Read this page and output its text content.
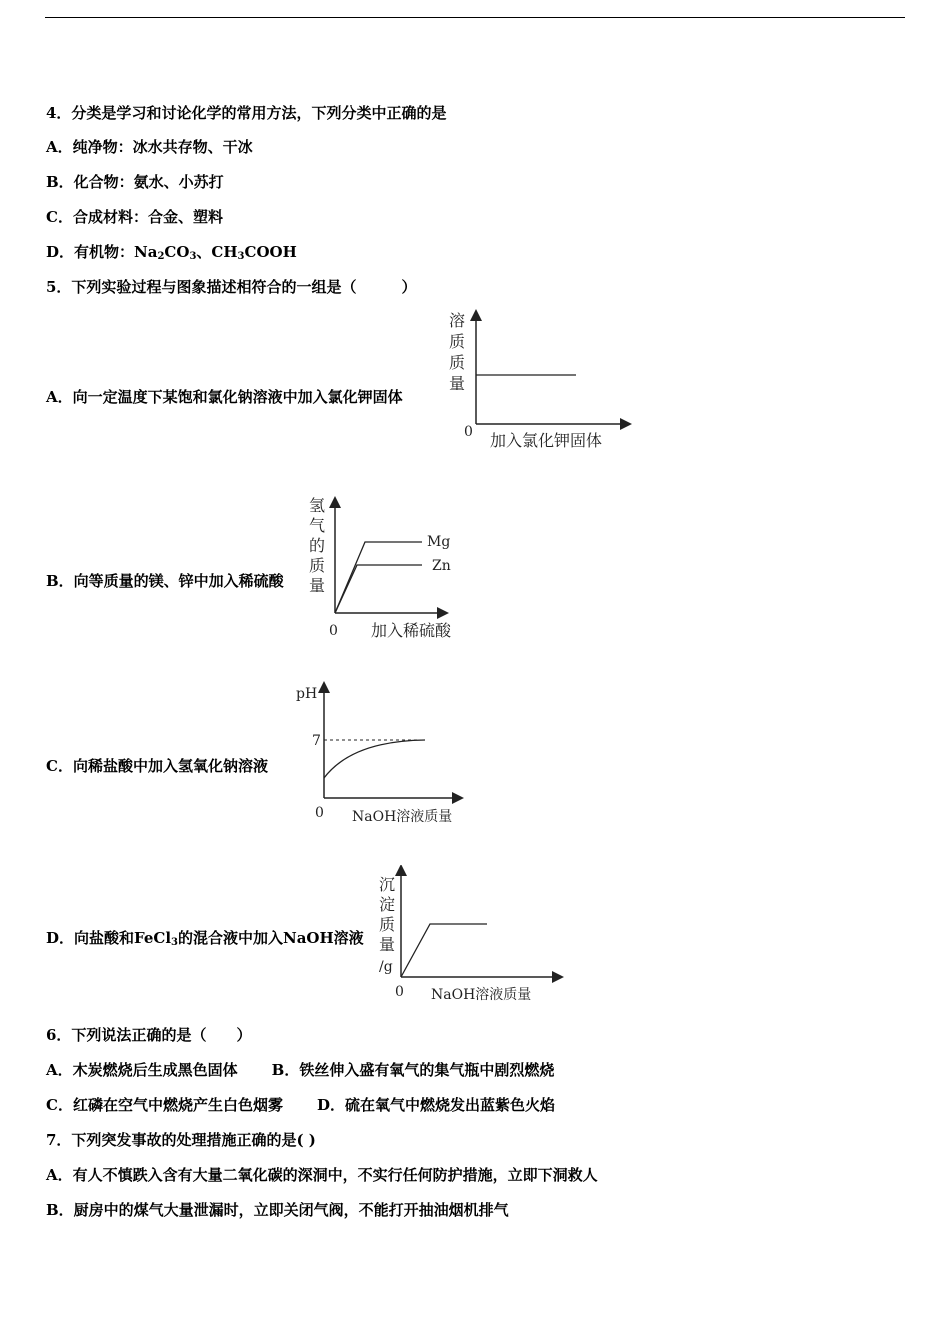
4．分类是学习和讨论化学的常用方法，下列分类中正确的是
A．纯净物：冰水共存物、干冰
B．化合物：氨水、小苏打
C．合成材料：合金、塑料
D．有机物：$Na_2CO_3$、$CH_3COOH$
5．下列实验过程与图象描述相符合的一组是（　　　）
A．向一定温度下某饱和氯化钠溶液中加入氯化钾固体
溶
质
质
量
0 加入氯化钾固体
B．向等质量的镁、锌中加入稀硫酸
Mg
Zn
氢
气
的
质
量
0 加入稀硫酸
C．向稀盐酸中加入氢氧化钠溶液
pH
7
0 NaOH溶液质量
D．向盐酸和FeCl$_3$的混合液中加入NaOH溶液
沉
淀
质
量
/g
0 NaOH溶液质量
6．下列说法正确的是（　　）
A．木炭燃烧后生成黑色固体 B．铁丝伸入盛有氧气的集气瓶中剧烈燃烧
C．红磷在空气中燃烧产生白色烟雾 D．硫在氧气中燃烧发出蓝紫色火焰
7．下列突发事故的处理措施正确的是( )
A．有人不慎跌入含有大量二氧化碳的深洞中，不实行任何防护措施，立即下洞救人
B．厨房中的煤气大量泄漏时，立即关闭气阀，不能打开抽油烟机排气
